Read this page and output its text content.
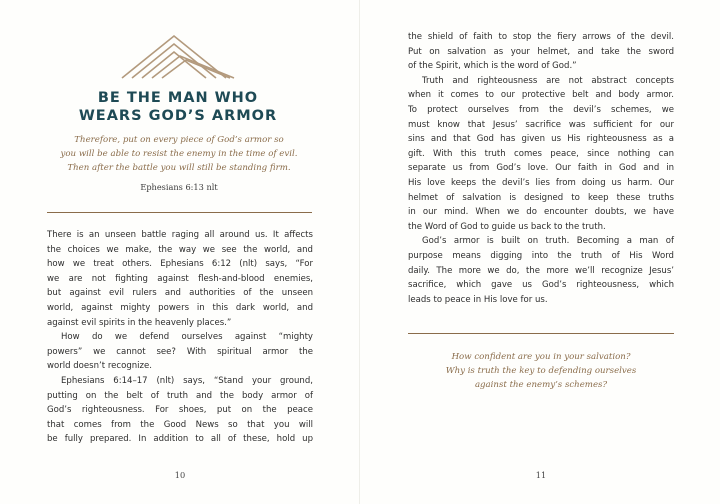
BE THE MAN WHO
WEARS GOD’S ARMOR
Therefore, put on every piece of God’s armor so
you will be able to resist the enemy in the time of evil.
Then after the battle you will still be standing firm.
Ephesians 6:13 nlt
There is an unseen battle raging all around us. It affects
the choices we make, the way we see the world, and
how we treat others. Ephesians 6:12 (nlt) says, “For
we are not fighting against flesh-and-blood enemies,
but against evil rulers and authorities of the unseen
world, against mighty powers in this dark world, and
against evil spirits in the heavenly places.”
How do we defend ourselves against “mighty
powers” we cannot see? With spiritual armor the
world doesn’t recognize.
Ephesians 6:14–17 (nlt) says, “Stand your ground,
putting on the belt of truth and the body armor of
God’s righteousness. For shoes, put on the peace
that comes from the Good News so that you will
be fully prepared. In addition to all of these, hold up
10
the shield of faith to stop the fiery arrows of the devil.
Put on salvation as your helmet, and take the sword
of the Spirit, which is the word of God.”
Truth and righteousness are not abstract concepts
when it comes to our protective belt and body armor.
To protect ourselves from the devil’s schemes, we
must know that Jesus’ sacrifice was sufficient for our
sins and that God has given us His righteousness as a
gift. With this truth comes peace, since nothing can
separate us from God’s love. Our faith in God and in
His love keeps the devil’s lies from doing us harm. Our
helmet of salvation is designed to keep these truths
in our mind. When we do encounter doubts, we have
the Word of God to guide us back to the truth.
God’s armor is built on truth. Becoming a man of
purpose means digging into the truth of His Word
daily. The more we do, the more we’ll recognize Jesus’
sacrifice, which gave us God’s righteousness, which
leads to peace in His love for us.
How confident are you in your salvation?
Why is truth the key to defending ourselves
against the enemy’s schemes?
11
